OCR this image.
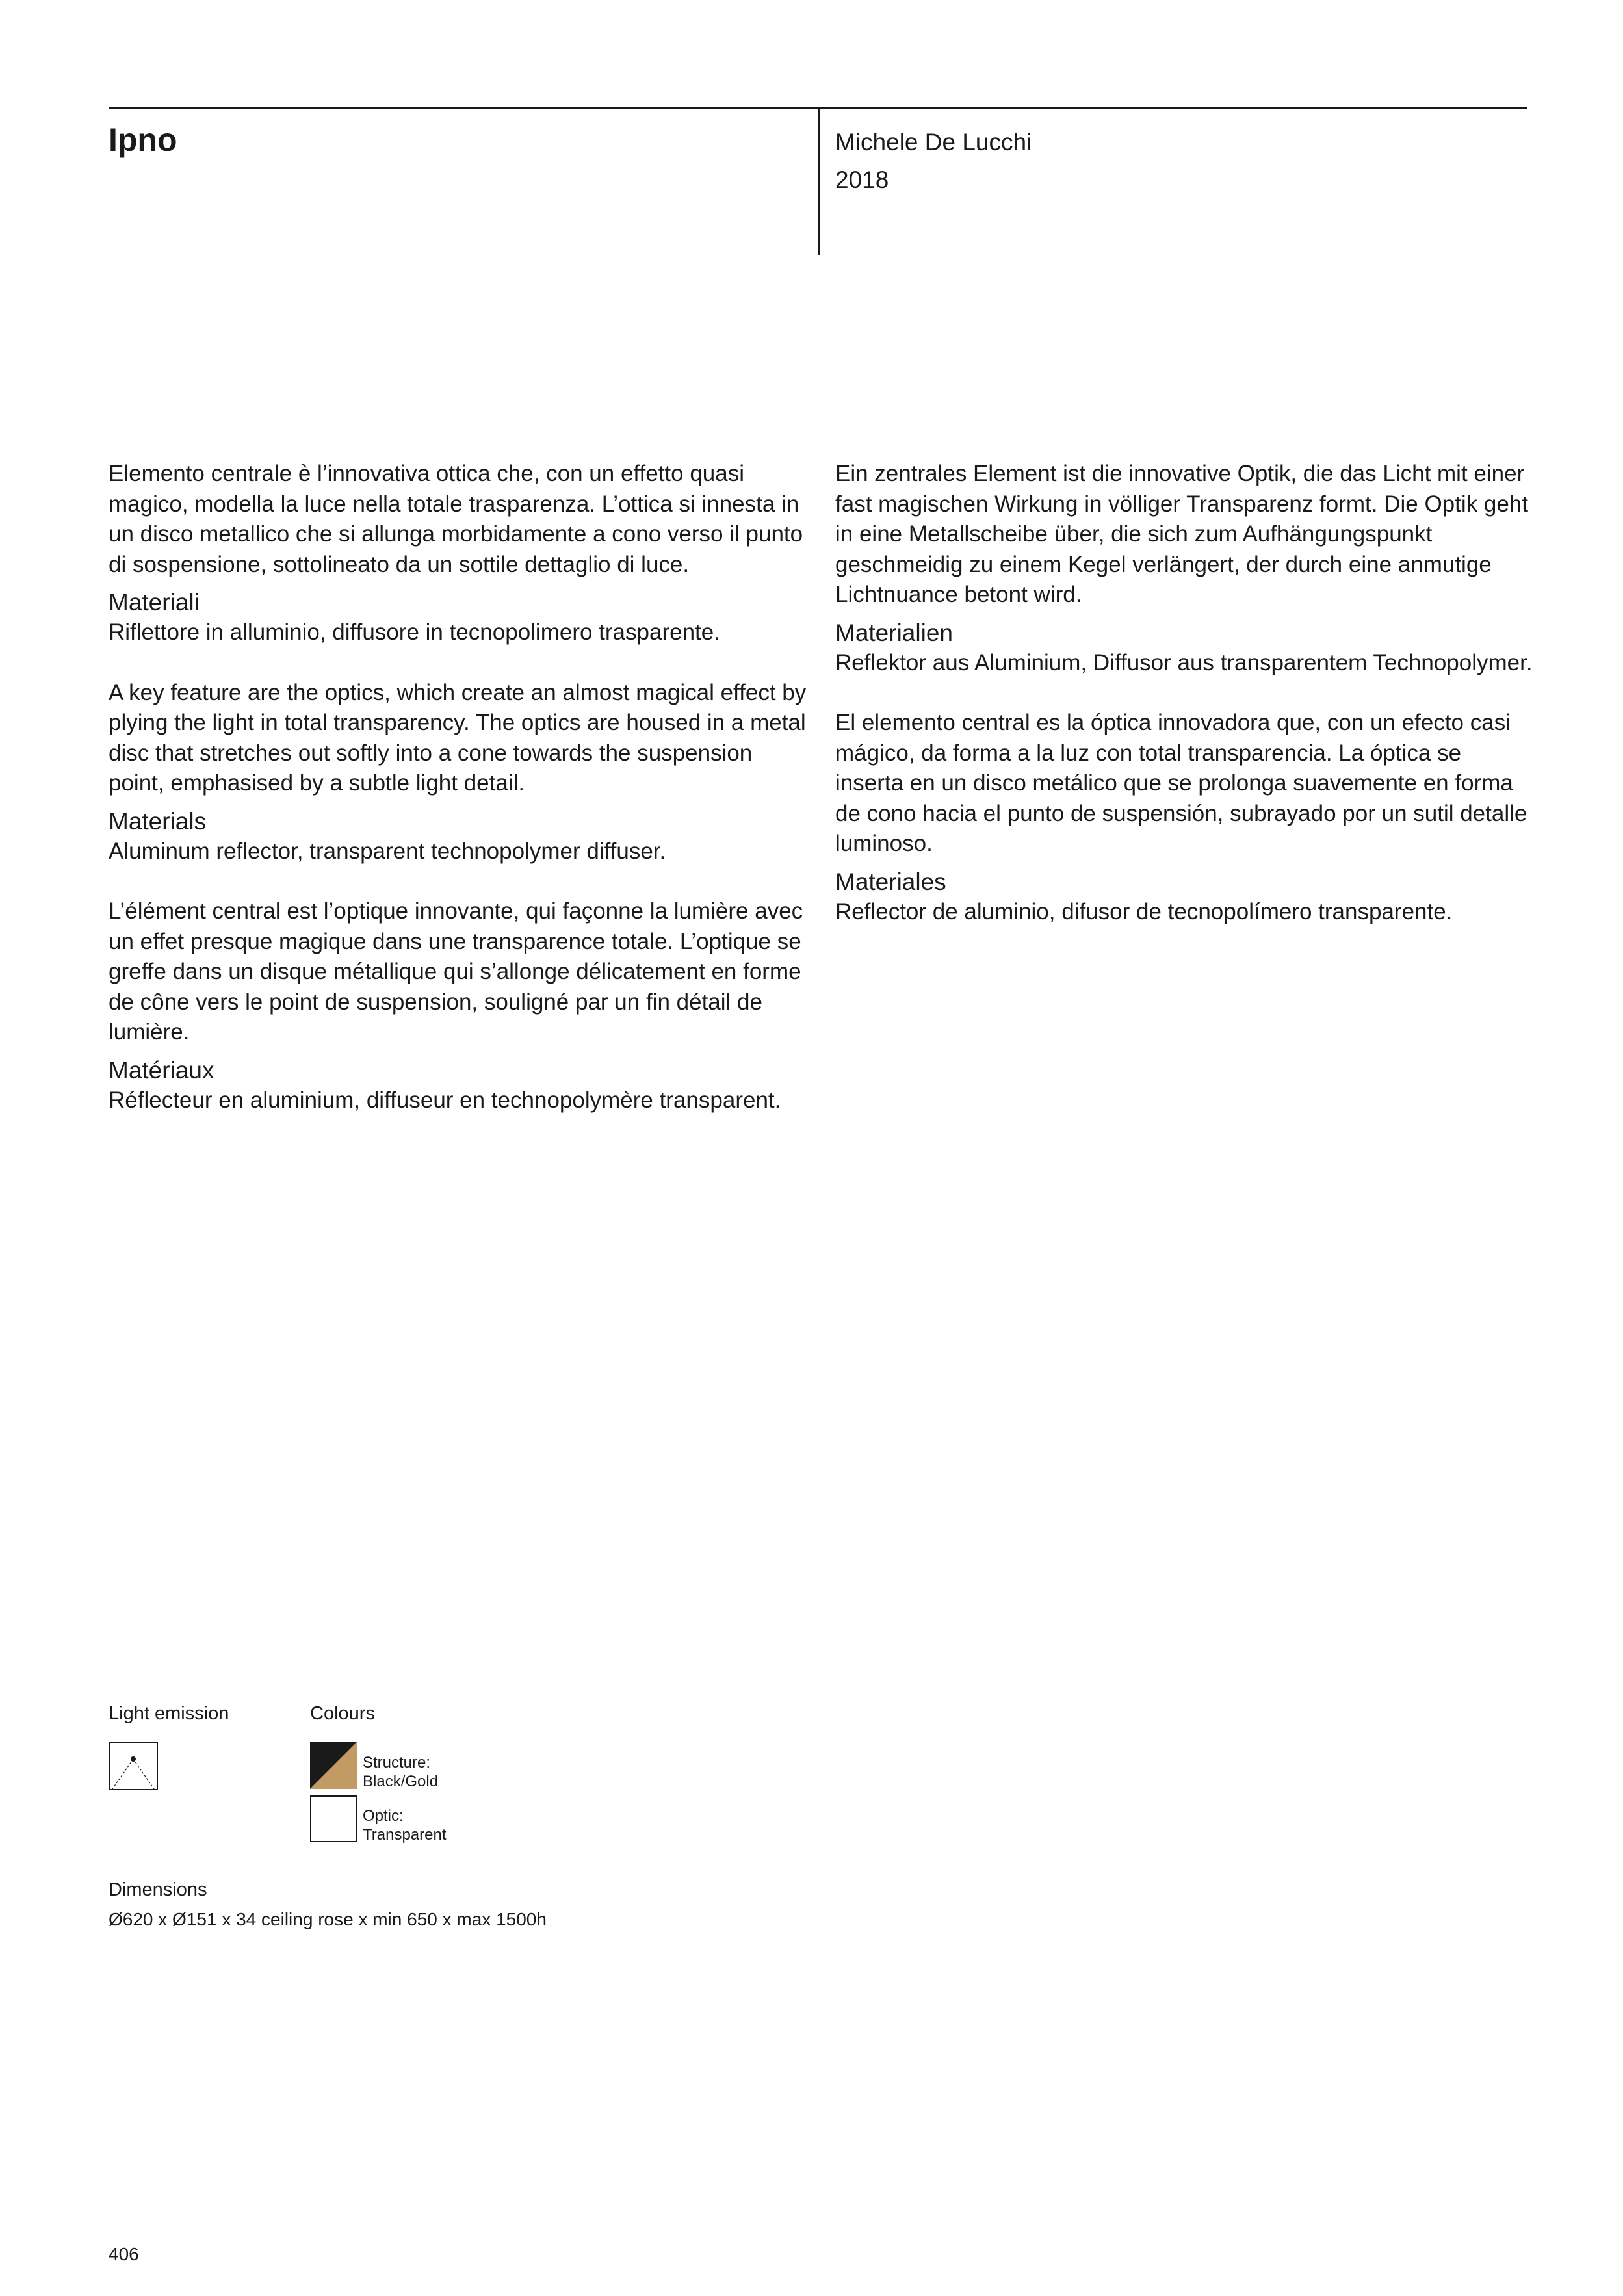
Ipno	Michele De Lucchi
2018

Elemento centrale è l’innovativa ottica che, con un effetto quasi magico, modella la luce nella totale trasparenza. L’ottica si innesta in un disco metallico che si allunga morbidamente a cono verso il punto di sospensione, sottolineato da un sottile dettaglio di luce.

Materiali

Riflettore in alluminio, diffusore in tecnopolimero trasparente.

A key feature are the optics, which create an almost magical effect by plying the light in total transparency. The optics are housed in a metal disc that stretches out softly into a cone towards the suspension point, emphasised by a subtle light detail.

Materials

Aluminum reflector, transparent technopolymer diffuser.

L’élément central est l’optique innovante, qui façonne la lumière avec un effet presque magique dans une transparence totale. L’optique se greffe dans un disque métallique qui s’allonge délicatement en forme de cône vers le point de suspension, souligné par un fin détail de lumière.

Matériaux

Réflecteur en aluminium, diffuseur en technopolymère transparent.

Ein zentrales Element ist die innovative Optik, die das Licht mit einer fast magischen Wirkung in völliger Transparenz formt. Die Optik geht in eine Metallscheibe über, die sich zum Aufhängungspunkt geschmeidig zu einem Kegel verlängert, der durch eine anmutige Lichtnuance betont wird.

Materialien

Reflektor aus Aluminium, Diffusor aus transparentem Technopolymer.

El elemento central es la óptica innovadora que, con un efecto casi mágico, da forma a la luz con total transparencia. La óptica se inserta en un disco metálico que se prolonga suavemente en forma de cono hacia el punto de suspensión, subrayado por un sutil detalle luminoso.

Materiales

Reflector de aluminio, difusor de tecnopolímero transparente.

Light emission	Colours
Structure:
Black/Gold
Optic:
Transparent
Dimensions
Ø620 x Ø151 x 34 ceiling rose x min 650 x max 1500h
406
